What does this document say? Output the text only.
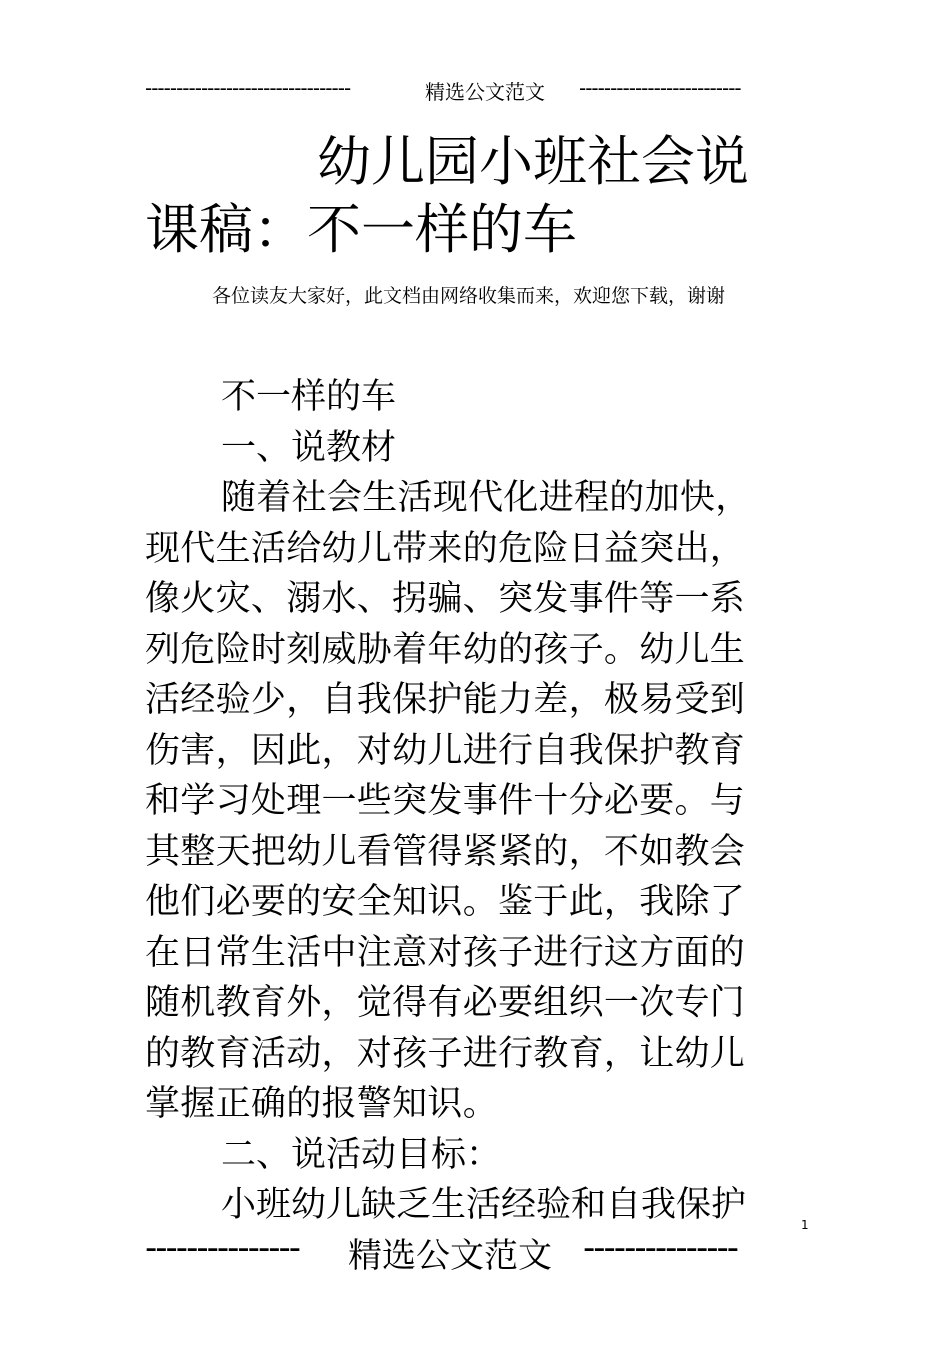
---------------------------------	精选公文范文 --------------------------
幼儿园小班社会说
课稿：不一样的车
各位读友大家好，此文档由网络收集而来，欢迎您下载，谢谢

不一样的车

一、说教材

随着社会生活现代化进程的加快，现代生活给幼儿带来的危险日益突出，像火灾、溺水、拐骗、突发事件等一系列危险时刻威胁着年幼的孩子。幼儿生活经验少，自我保护能力差，极易受到伤害，因此，对幼儿进行自我保护教育和学习处理一些突发事件十分必要。与其整天把幼儿看管得紧紧的，不如教会他们必要的安全知识。鉴于此，我除了在日常生活中注意对孩子进行这方面的随机教育外，觉得有必要组织一次专门的教育活动，对孩子进行教育，让幼儿掌握正确的报警知识。

二、说活动目标：

小班幼儿缺乏生活经验和自我保护	1
--------------- 精选公文范文 ---------------
